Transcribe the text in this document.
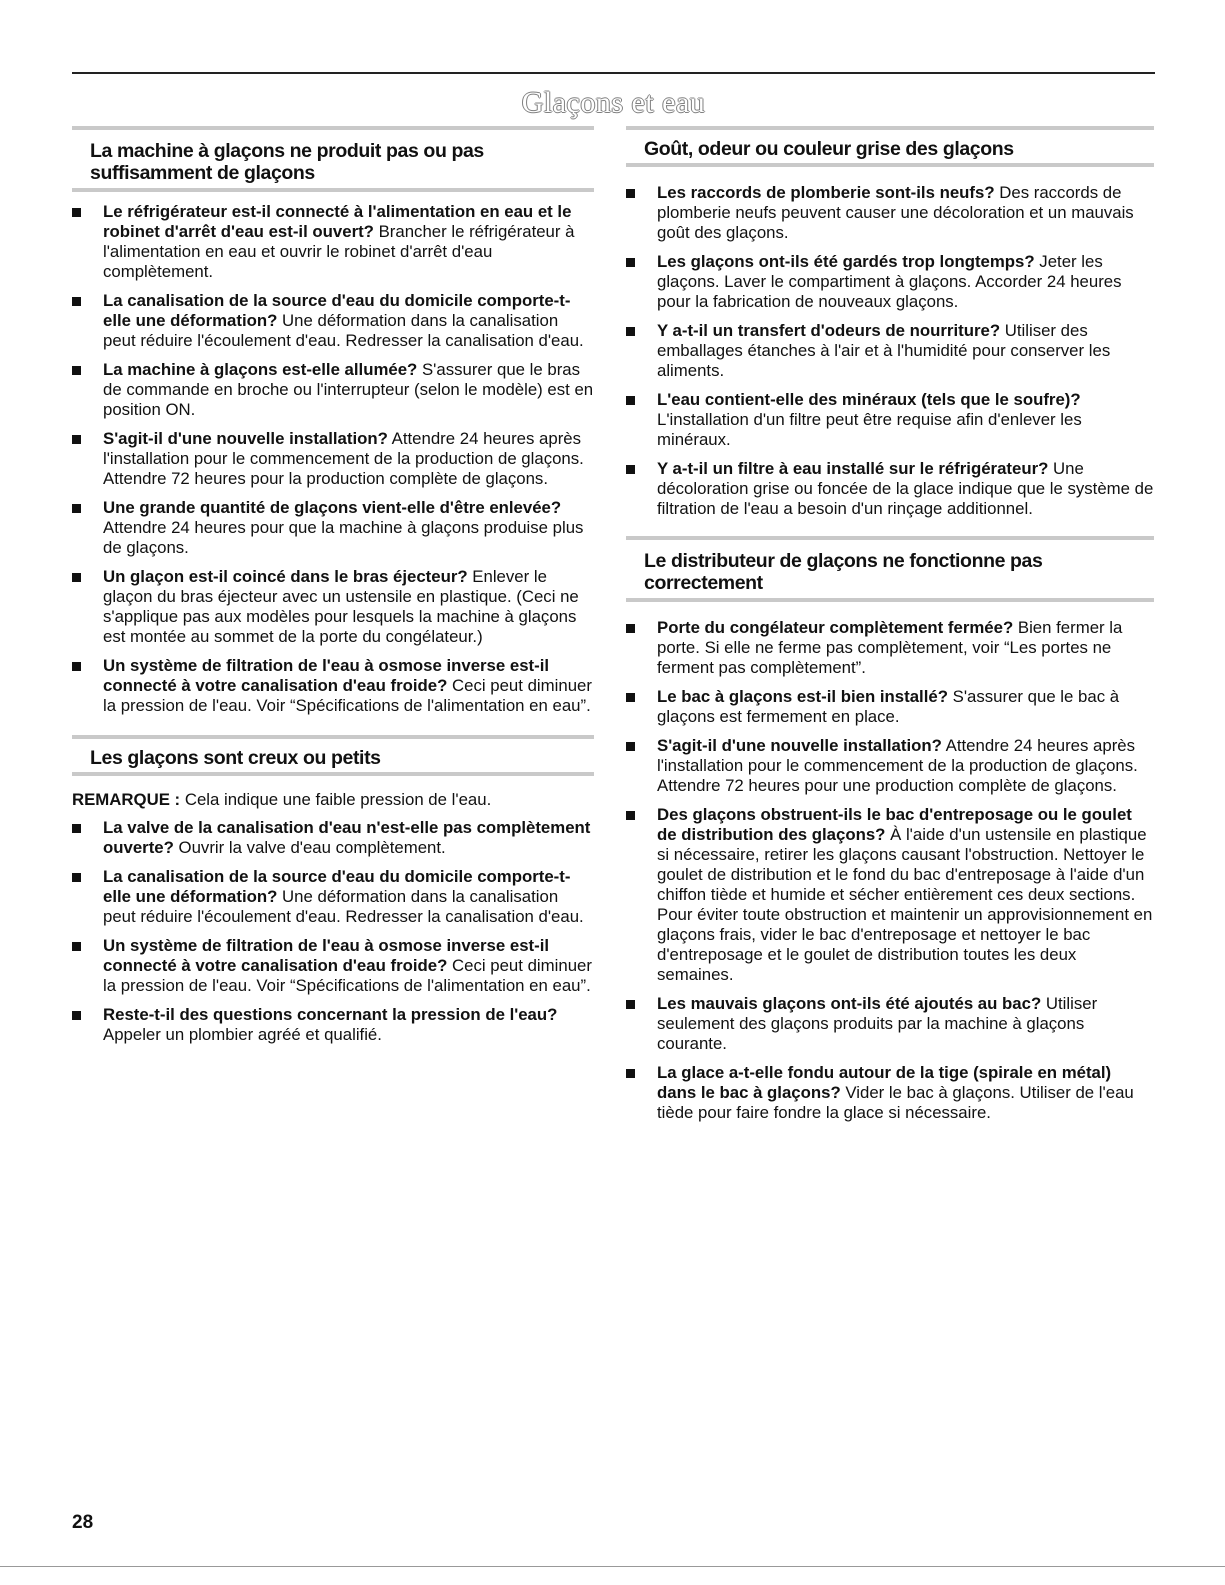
Glaçons et eau
La machine à glaçons ne produit pas ou pas suffisamment de glaçons
Le réfrigérateur est-il connecté à l'alimentation en eau et le robinet d'arrêt d'eau est-il ouvert? Brancher le réfrigérateur à l'alimentation en eau et ouvrir le robinet d'arrêt d'eau complètement.
La canalisation de la source d'eau du domicile comporte-t-elle une déformation? Une déformation dans la canalisation peut réduire l'écoulement d'eau. Redresser la canalisation d'eau.
La machine à glaçons est-elle allumée? S'assurer que le bras de commande en broche ou l'interrupteur (selon le modèle) est en position ON.
S'agit-il d'une nouvelle installation? Attendre 24 heures après l'installation pour le commencement de la production de glaçons. Attendre 72 heures pour la production complète de glaçons.
Une grande quantité de glaçons vient-elle d'être enlevée? Attendre 24 heures pour que la machine à glaçons produise plus de glaçons.
Un glaçon est-il coincé dans le bras éjecteur? Enlever le glaçon du bras éjecteur avec un ustensile en plastique. (Ceci ne s'applique pas aux modèles pour lesquels la machine à glaçons est montée au sommet de la porte du congélateur.)
Un système de filtration de l'eau à osmose inverse est-il connecté à votre canalisation d'eau froide? Ceci peut diminuer la pression de l'eau. Voir “Spécifications de l'alimentation en eau”.
Les glaçons sont creux ou petits

REMARQUE : Cela indique une faible pression de l'eau.

La valve de la canalisation d'eau n'est-elle pas complètement ouverte? Ouvrir la valve d'eau complètement.
La canalisation de la source d'eau du domicile comporte-t-elle une déformation? Une déformation dans la canalisation peut réduire l'écoulement d'eau. Redresser la canalisation d'eau.
Un système de filtration de l'eau à osmose inverse est-il connecté à votre canalisation d'eau froide? Ceci peut diminuer la pression de l'eau. Voir “Spécifications de l'alimentation en eau”.
Reste-t-il des questions concernant la pression de l'eau? Appeler un plombier agréé et qualifié.
Goût, odeur ou couleur grise des glaçons
Les raccords de plomberie sont-ils neufs? Des raccords de plomberie neufs peuvent causer une décoloration et un mauvais goût des glaçons.
Les glaçons ont-ils été gardés trop longtemps? Jeter les glaçons. Laver le compartiment à glaçons. Accorder 24 heures pour la fabrication de nouveaux glaçons.
Y a-t-il un transfert d'odeurs de nourriture? Utiliser des emballages étanches à l'air et à l'humidité pour conserver les aliments.
L'eau contient-elle des minéraux (tels que le soufre)? L'installation d'un filtre peut être requise afin d'enlever les minéraux.
Y a-t-il un filtre à eau installé sur le réfrigérateur? Une décoloration grise ou foncée de la glace indique que le système de filtration de l'eau a besoin d'un rinçage additionnel.
Le distributeur de glaçons ne fonctionne pas correctement
Porte du congélateur complètement fermée? Bien fermer la porte. Si elle ne ferme pas complètement, voir “Les portes ne ferment pas complètement”.
Le bac à glaçons est-il bien installé? S'assurer que le bac à glaçons est fermement en place.
S'agit-il d'une nouvelle installation? Attendre 24 heures après l'installation pour le commencement de la production de glaçons. Attendre 72 heures pour une production complète de glaçons.
Des glaçons obstruent-ils le bac d'entreposage ou le goulet de distribution des glaçons? À l'aide d'un ustensile en plastique si nécessaire, retirer les glaçons causant l'obstruction. Nettoyer le goulet de distribution et le fond du bac d'entreposage à l'aide d'un chiffon tiède et humide et sécher entièrement ces deux sections. Pour éviter toute obstruction et maintenir un approvisionnement en glaçons frais, vider le bac d'entreposage et nettoyer le bac d'entreposage et le goulet de distribution toutes les deux semaines.
Les mauvais glaçons ont-ils été ajoutés au bac? Utiliser seulement des glaçons produits par la machine à glaçons courante.
La glace a-t-elle fondu autour de la tige (spirale en métal) dans le bac à glaçons? Vider le bac à glaçons. Utiliser de l'eau tiède pour faire fondre la glace si nécessaire.
28
